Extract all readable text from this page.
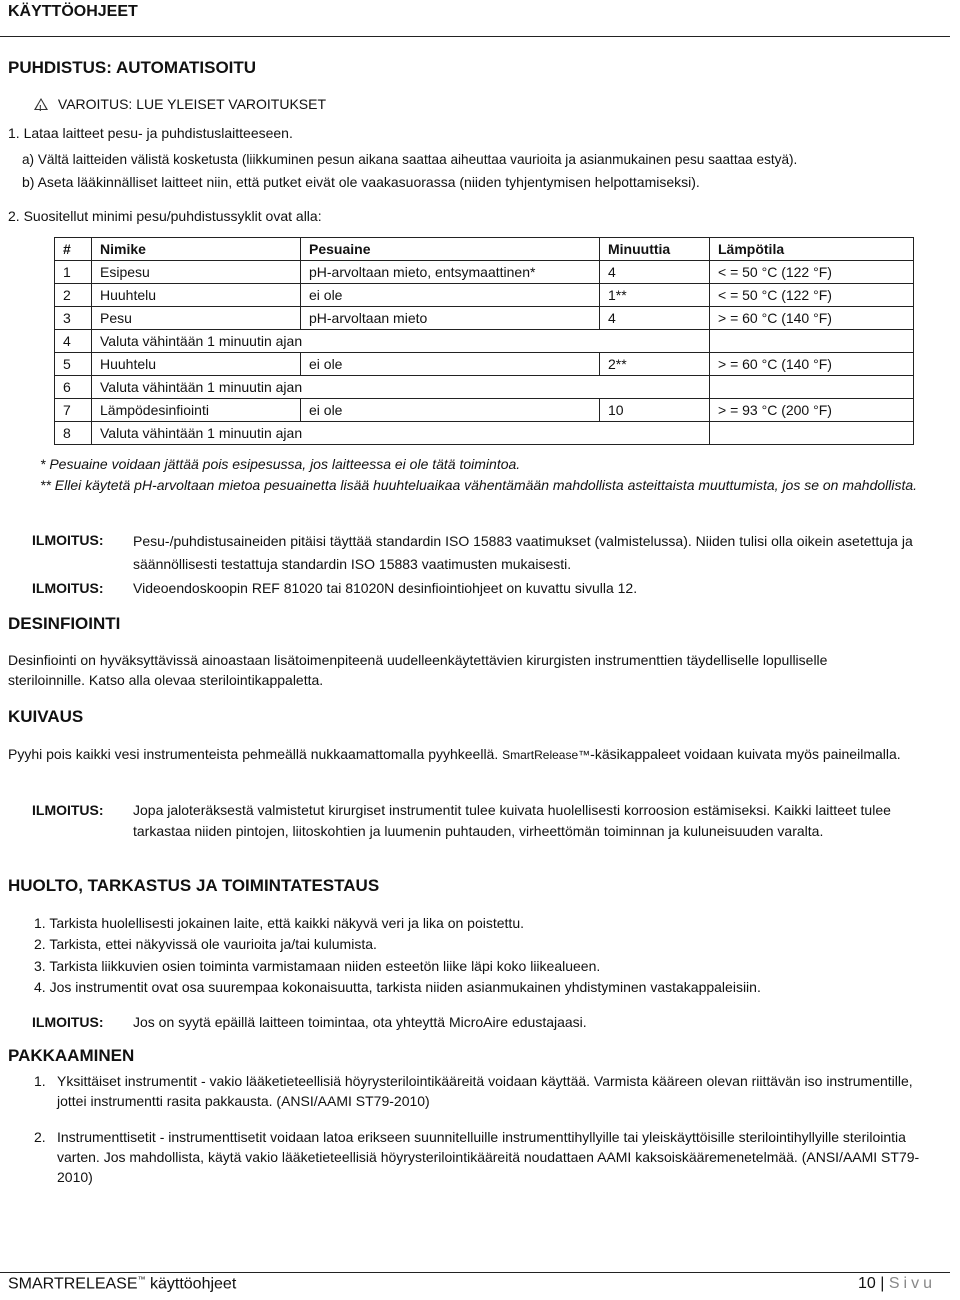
KÄYTTÖOHJEET
PUHDISTUS: AUTOMATISOITU
! VAROITUS: LUE YLEISET VAROITUKSET
1. Lataa laitteet pesu- ja puhdistuslaitteeseen.
a) Vältä laitteiden välistä kosketusta (liikkuminen pesun aikana saattaa aiheuttaa vaurioita ja asianmukainen pesu saattaa estyä).
b) Aseta lääkinnälliset laitteet niin, että putket eivät ole vaakasuorassa (niiden tyhjentymisen helpottamiseksi).
2. Suositellut minimi pesu/puhdistussyklit ovat alla:
#	Nimike	Pesuaine	Minuuttia	Lämpötila
1	Esipesu	pH-arvoltaan mieto, entsymaattinen*	4	< = 50 °C (122 °F)
2	Huuhtelu	ei ole	1**	< = 50 °C (122 °F)
3	Pesu	pH-arvoltaan mieto	4	> = 60 °C (140 °F)
4	Valuta vähintään 1 minuutin ajan			
5	Huuhtelu	ei ole	2**	> = 60 °C (140 °F)
6	Valuta vähintään 1 minuutin ajan			
7	Lämpödesinfiointi	ei ole	10	> = 93 °C (200 °F)
8	Valuta vähintään 1 minuutin ajan			
* Pesuaine voidaan jättää pois esipesussa, jos laitteessa ei ole tätä toimintoa.
** Ellei käytetä pH-arvoltaan mietoa pesuainetta lisää huuhteluaikaa vähentämään mahdollista asteittaista muuttumista, jos se on mahdollista.
ILMOITUS: Pesu-/puhdistusaineiden pitäisi täyttää standardin ISO 15883 vaatimukset (valmistelussa). Niiden tulisi olla oikein asetettuja ja säännöllisesti testattuja standardin ISO 15883 vaatimusten mukaisesti.
ILMOITUS: Videoendoskoopin REF 81020 tai 81020N desinfiointiohjeet on kuvattu sivulla 12.
DESINFIOINTI
Desinfiointi on hyväksyttävissä ainoastaan lisätoimenpiteenä uudelleenkäytettävien kirurgisten instrumenttien täydelliselle lopulliselle steriloinnille. Katso alla olevaa sterilointikappaletta.
KUIVAUS
Pyyhi pois kaikki vesi instrumenteista pehmeällä nukkaamattomalla pyyhkeellä. SmartRelease™-käsikappaleet voidaan kuivata myös paineilmalla.
ILMOITUS: Jopa jaloteräksestä valmistetut kirurgiset instrumentit tulee kuivata huolellisesti korroosion estämiseksi. Kaikki laitteet tulee tarkastaa niiden pintojen, liitoskohtien ja luumenin puhtauden, virheettömän toiminnan ja kuluneisuuden varalta.
HUOLTO, TARKASTUS JA TOIMINTATESTAUS
1. Tarkista huolellisesti jokainen laite, että kaikki näkyvä veri ja lika on poistettu.
2. Tarkista, ettei näkyvissä ole vaurioita ja/tai kulumista.
3. Tarkista liikkuvien osien toiminta varmistamaan niiden esteetön liike läpi koko liikealueen.
4. Jos instrumentit ovat osa suurempaa kokonaisuutta, tarkista niiden asianmukainen yhdistyminen vastakappaleisiin.
ILMOITUS: Jos on syytä epäillä laitteen toimintaa, ota yhteyttä MicroAire edustajaasi.
PAKKAAMINEN
1. Yksittäiset instrumentit - vakio lääketieteellisiä höyrysterilointikääreitä voidaan käyttää. Varmista kääreen olevan riittävän iso instrumentille, jottei instrumentti rasita pakkausta. (ANSI/AAMI ST79-2010)
2. Instrumenttisetit - instrumenttisetit voidaan latoa erikseen suunnitelluille instrumenttihyllyille tai yleiskäyttöisille sterilointihyllyille sterilointia varten. Jos mahdollista, käytä vakio lääketieteellisiä höyrysterilointikääreitä noudattaen AAMI kaksoiskääremenetelmää. (ANSI/AAMI ST79-2010)
SMARTRELEASE™ käyttöohjeet	10 | Sivu
